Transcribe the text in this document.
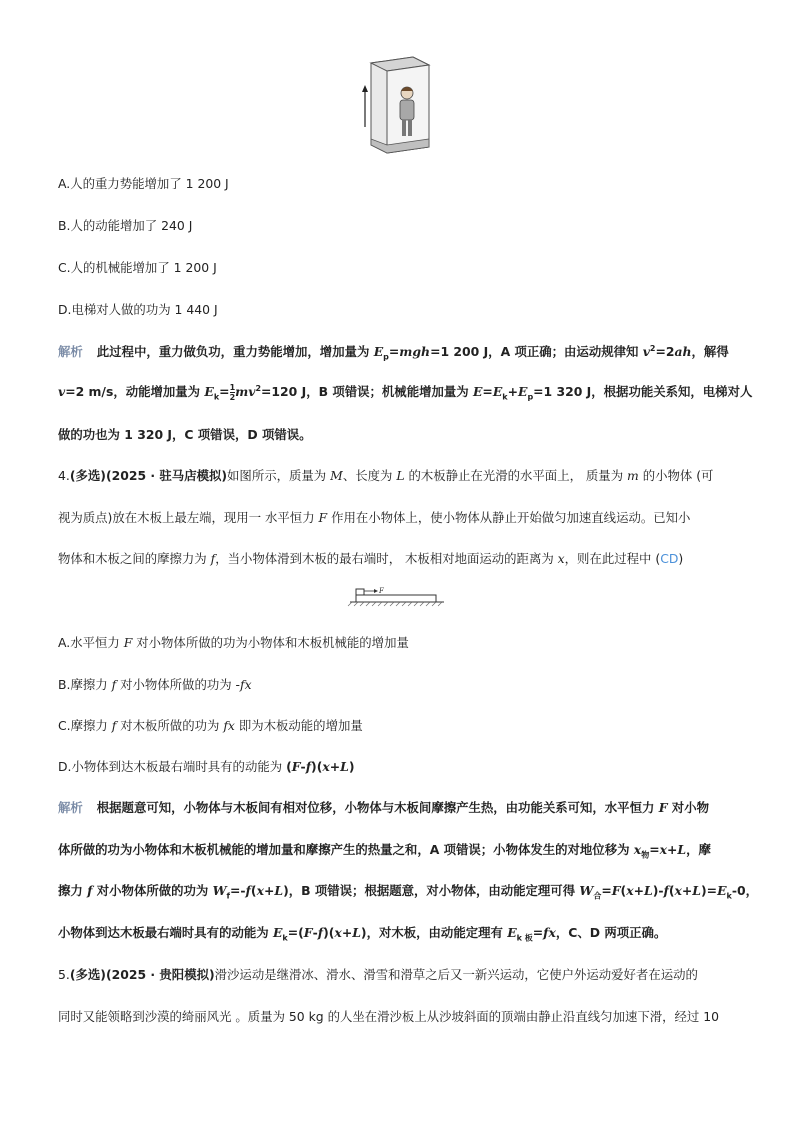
A.人的重力势能增加了 1 200 J
B.人的动能增加了 240 J
C.人的机械能增加了 1 200 J
D.电梯对人做的功为 1 440 J
解析 此过程中，重力做负功，重力势能增加，增加量为 $E_p=mgh=1$ 200 J，A 项正确；由运动规律知 $v^2=2ah$，解得
v=2 m/s，动能增加量为 $E_k= \frac{1}{2} mv^2=120$ J，B 项错误；机械能增加量为 $E=E_k+E_p=1$ 320 J，根据功能关系知，电梯对人
做的功也为 1 320 J，C 项错误，D 项错误。
4.(多选)(2025 · 驻马店模拟)如图所示，质量为 M、长度为 L 的木板静止在光滑的水平面上， 质量为 m 的小物体 (可
视为质点)放在木板上最左端，现用一 水平恒力 F 作用在小物体上，使小物体从静止开始做匀加速直线运动。已知小
物体和木板之间的摩擦力为 f，当小物体滑到木板的最右端时， 木板相对地面运动的距离为 x，则在此过程中 (CD)
F
A.水平恒力 F 对小物体所做的功为小物体和木板机械能的增加量
B.摩擦力 f 对小物体所做的功为 -fx
C.摩擦力 f 对木板所做的功为 fx 即为木板动能的增加量
D.小物体到达木板最右端时具有的动能为 (F-f)(x+L)
解析 根据题意可知，小物体与木板间有相对位移，小物体与木板间摩擦产生热，由功能关系可知，水平恒力 F 对小物
体所做的功为小物体和木板机械能的增加量和摩擦产生的热量之和，A 项错误；小物体发生的对地位移为 $x_物=x+L$，摩
擦力 f 对小物体所做的功为 $W_f=-f(x+L)$，B 项错误；根据题意，对小物体，由动能定理可得 $W_合=F(x+L)-f(x+L)=E_k-0$，
小物体到达木板最右端时具有的动能为 $E_k=(F-f)(x+L)$，对木板，由动能定理有 $E_{k 板}=fx$，C、D 两项正确。
5.(多选)(2025 · 贵阳模拟)滑沙运动是继滑冰、滑水、滑雪和滑草之后又一新兴运动，它使户外运动爱好者在运动的
同时又能领略到沙漠的绮丽风光 。质量为 50 kg 的人坐在滑沙板上从沙坡斜面的顶端由静止沿直线匀加速下滑，经过 10
